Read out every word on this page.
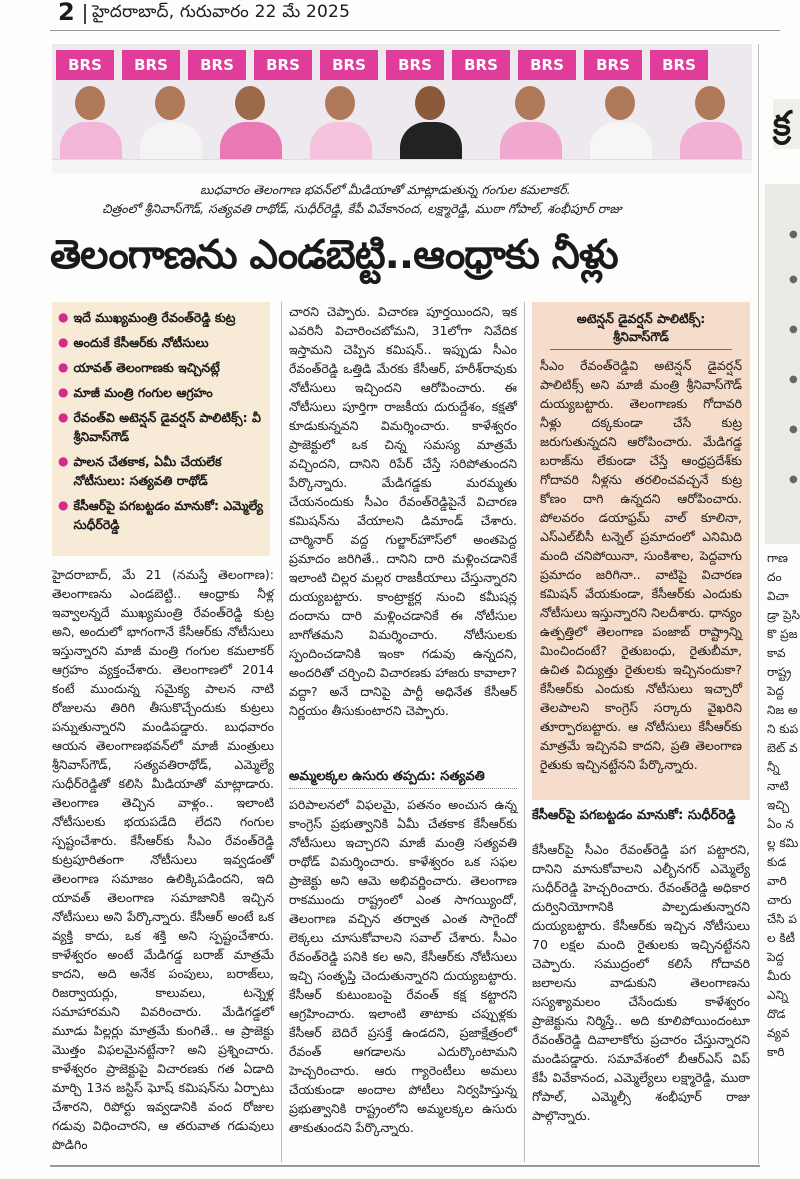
2 హైదరాబాద్, గురువారం 22 మే 2025
BRS	BRS	BRS	BRS	BRS	BRS	BRS	BRS	BRS	BRS
బుధవారం తెలంగాణ భవన్‌లో మీడియాతో మాట్లాడుతున్న గంగుల కమలాకర్.
చిత్రంలో శ్రీనివాస్‌గౌడ్, సత్యవతి రాథోడ్, సుధీర్‌రెడ్డి, కేపీ వివేకానంద, లక్ష్మారెడ్డి, ముఠా గోపాల్, శంభీపూర్ రాజు
తెలంగాణను ఎండబెట్టి..ఆంధ్రాకు నీళ్లు
● ఇదే ముఖ్యమంత్రి రేవంత్‌రెడ్డి కుట్ర
● అందుకే కేసీఆర్‌కు నోటీసులు
● యావత్ తెలంగాణకు ఇచ్చినట్లే
● మాజీ మంత్రి గంగుల ఆగ్రహం
● రేవంత్‌వి అటెన్షన్ డైవర్షన్ పాలిటిక్స్: వీ శ్రీనివాస్‌గౌడ్
● పాలన చేతకాక, ఏమీ చేయలేక నోటీసులు: సత్యవతి రాథోడ్
● కేసీఆర్‌పై పగబట్టడం మానుకో: ఎమ్మెల్యే సుధీర్‌రెడ్డి

హైదరాబాద్, మే 21 (నమస్తే తెలంగాణ): తెలంగాణను ఎండబెట్టి.. ఆంధ్రాకు నీళ్ల ఇవ్వాలన్నదే ముఖ్యమంత్రి రేవంత్‌రెడ్డి కుట్ర అని, అందులో భాగంగానే కేసీఆర్‌కు నోటీసులు ఇస్తున్నారని మాజీ మంత్రి గంగుల కమలాకర్ ఆగ్రహం వ్యక్తంచేశారు. తెలంగాణలో 2014 కంటే ముందున్న సమైక్య పాలన నాటి రోజులను తిరిగి తీసుకొచ్చేందుకు కుట్రలు పన్నుతున్నారని మండిపడ్డారు. బుధవారం ఆయన తెలంగాణభవన్‌లో మాజీ మంత్రులు శ్రీనివాస్‌గౌడ్, సత్యవతిరాథోడ్, ఎమ్మెల్యే సుధీర్‌రెడ్డితో కలిసి మీడియాతో మాట్లాడారు. తెలంగాణ తెచ్చిన వాళ్లం.. ఇలాంటి నోటీసులకు భయపడేది లేదని గంగుల స్పష్టంచేశారు. కేసీఆర్‌కు సీఎం రేవంత్‌రెడ్డి కుట్రపూరితంగా నోటీసులు ఇవ్వడంతో తెలంగాణ సమాజం ఉలిక్కిపడిందని, ఇది యావత్ తెలంగాణ సమాజానికి ఇచ్చిన నోటీసులు అని పేర్కొన్నారు. కేసీఆర్ అంటే ఒక వ్యక్తి కాదు, ఒక శక్తి అని స్పష్టంచేశారు. కాళేశ్వరం అంటే మేడిగడ్డ బరాజ్ మాత్రమే కాదని, అది అనేక పంపులు, బరాజ్‌లు, రిజర్వాయర్లు, కాలువలు, టన్నెళ్ల సమాహారమని వివరించారు. మేడిగడ్డలో మూడు పిల్లర్లు మాత్రమే కుంగితే.. ఆ ప్రాజెక్టు మొత్తం విఫలమైనట్టేనా? అని ప్రశ్నించారు. కాళేశ్వరం ప్రాజెక్టుపై విచారణకు గత ఏడాది మార్చి 13న జస్టిస్ ఘోష్ కమిషన్‌ను ఏర్పాటు చేశారని, రిపోర్టు ఇవ్వడానికి వంద రోజుల గడువు విధించారని, ఆ తరువాత గడువులు పొడిగిం

చారని చెప్పారు. విచారణ పూర్తయిందని, ఇక ఎవరినీ విచారించబోమని, 31లోగా నివేదిక ఇస్తామని చెప్పిన కమిషన్.. ఇప్పుడు సీఎం రేవంత్‌రెడ్డి ఒత్తిడి మేరకు కేసీఆర్, హరీశ్‌రావుకు నోటీసులు ఇచ్చిందని ఆరోపించారు. ఈ నోటీసులు పూర్తిగా రాజకీయ దురుద్దేశం, కక్షతో కూడుకున్నవని విమర్శించారు. కాళేశ్వరం ప్రాజెక్టులో ఒక చిన్న సమస్య మాత్రమే వచ్చిందని, దానిని రిపేర్ చేస్తే సరిపోతుందని పేర్కొన్నారు. మేడిగడ్డకు మరమ్మతు చేయనందుకు సీఎం రేవంత్‌రెడ్డిపైనే విచారణ కమిషన్‌ను వేయాలని డిమాండ్ చేశారు. చార్మినార్ వద్ద గుల్జార్‌హౌస్‌లో అంతపెద్ద ప్రమాదం జరిగితే.. దానిని దారి మళ్లించడానికే ఇలాంటి చిల్లర మల్లర రాజకీయాలు చేస్తున్నారని దుయ్యబట్టారు. కాంట్రాక్టర్ల నుంచి కమీషన్ల దందాను దారి మళ్లించడానికే ఈ నోటీసుల బాగోతమని విమర్శించారు. నోటీసులకు స్పందించడానికి ఇంకా గడువు ఉన్నదని, అందరితో చర్చించి విచారణకు హాజరు కావాలా? వద్దా? అనే దానిపై పార్టీ అధినేత కేసీఆర్ నిర్ణయం తీసుకుంటారని చెప్పారు.

అమ్మలక్కల ఉసురు తప్పదు: సత్యవతి

పరిపాలనలో విఫలమై, పతనం అంచున ఉన్న కాంగ్రెస్ ప్రభుత్వానికి ఏమీ చేతకాక కేసీఆర్‌కు నోటీసులు ఇచ్చారని మాజీ మంత్రి సత్యవతి రాథోడ్ విమర్శించారు. కాళేశ్వరం ఒక సఫల ప్రాజెక్టు అని ఆమె అభివర్ణించారు. తెలంగాణ రాకముందు రాష్ట్రంలో ఎంత సాగయ్యిందో, తెలంగాణ వచ్చిన తర్వాత ఎంత సాగైందో లెక్కలు చూసుకోవాలని సవాల్ చేశారు. సీఎం రేవంత్‌రెడ్డి పనికి కల అని, కేసీఆర్‌కు నోటీసులు ఇచ్చి సంతృప్తి చెందుతున్నారని దుయ్యబట్టారు. కేసీఆర్ కుటుంబంపై రేవంత్ కక్ష కట్టారని ఆగ్రహించారు. ఇలాంటి తాటాకు చప్పుళ్లకు కేసీఆర్ బెదిరే ప్రసక్తే ఉండదని, ప్రజాక్షేత్రంలో రేవంత్ ఆగడాలను ఎదుర్కొంటామని హెచ్చరించారు. ఆరు గ్యారెంటీలు అమలు చేయకుండా అందాల పోటీలు నిర్వహిస్తున్న ప్రభుత్వానికి రాష్ట్రంలోని అమ్మలక్కల ఉసురు తాకుతుందని పేర్కొన్నారు.

అటెన్షన్ డైవర్షన్ పాలిటిక్స్:
శ్రీనివాస్‌గౌడ్
సీఎం రేవంత్‌రెడ్డివి అటెన్షన్ డైవర్షన్ పాలిటిక్స్ అని మాజీ మంత్రి శ్రీనివాస్‌గౌడ్ దుయ్యబట్టారు. తెలంగాణకు గోదావరి నీళ్లు దక్కకుండా చేసే కుట్ర జరుగుతున్నదని ఆరోపించారు. మేడిగడ్డ బరాజ్‌ను లేకుండా చేస్తే ఆంధ్రప్రదేశ్‌కు గోదావరి నీళ్లను తరలించవచ్చనే కుట్ర కోణం దాగి ఉన్నదని ఆరోపించారు. పోలవరం డయాఫ్రమ్ వాల్ కూలినా, ఎస్ఎల్‌బీసీ టన్నెల్ ప్రమాదంలో ఎనిమిది మంది చనిపోయినా, సుంకిశాల, పెద్దవాగు ప్రమాదం జరిగినా.. వాటిపై విచారణ కమిషన్ వేయకుండా, కేసీఆర్‌కు ఎందుకు నోటీసులు ఇస్తున్నారని నిలదీశారు. ధాన్యం ఉత్పత్తిలో తెలంగాణ పంజాబ్ రాష్ట్రాన్ని మించిందంటే? రైతుబంధు, రైతుబీమా, ఉచిత విద్యుత్తు రైతులకు ఇచ్చినందుకా? కేసీఆర్‌కు ఎందుకు నోటీసులు ఇచ్చారో తెలపాలని కాంగ్రెస్ సర్కారు వైఖరిని తూర్పారబట్టారు. ఆ నోటీసులు కేసీఆర్‌కు మాత్రమే ఇచ్చినవి కాదని, ప్రతి తెలంగాణ రైతుకు ఇచ్చినట్టేనని పేర్కొన్నారు.
కేసీఆర్‌పై పగబట్టడం మానుకో: సుధీర్‌రెడ్డి

కేసీఆర్‌పై సీఎం రేవంత్‌రెడ్డి పగ పట్టారని, దానిని మానుకోవాలని ఎల్బీనగర్ ఎమ్మెల్యే సుధీర్‌రెడ్డి హెచ్చరించారు. రేవంత్‌రెడ్డి అధికార దుర్వినియోగానికి పాల్పడుతున్నారని దుయ్యబట్టారు. కేసీఆర్‌కు ఇచ్చిన నోటీసులు 70 లక్షల మంది రైతులకు ఇచ్చినట్టేనని చెప్పారు. సముద్రంలో కలిసే గోదావరి జలాలను వాడుకుని తెలంగాణను సస్యశ్యామలం చేసేందుకు కాళేశ్వరం ప్రాజెక్టును నిర్మిస్తే.. అది కూలిపోయిందంటూ రేవంత్‌రెడ్డి దివాలాకోరు ప్రచారం చేస్తున్నారని మండిపడ్డారు. సమావేశంలో బీఆర్ఎస్ విప్ కేపీ వివేకానంద, ఎమ్మెల్యేలు లక్ష్మారెడ్డి, ముఠా గోపాల్, ఎమ్మెల్సీ శంభీపూర్ రాజు పాల్గొన్నారు.

క్ర
●
●
●
●
●
●
గాణ దం విచా డ్రా ప్రెసి కొ ప్రజ కావ రాష్ట్ర పెద్ద నిజ అని కుప బెట్ వన్నీ నాటి ఇచ్చి ఏం నల్ల కమి కుడ వారి చారు చేసి పల కిటీ పెద్ద మీరు ఎన్ని దొడ వ్యవ కారి
